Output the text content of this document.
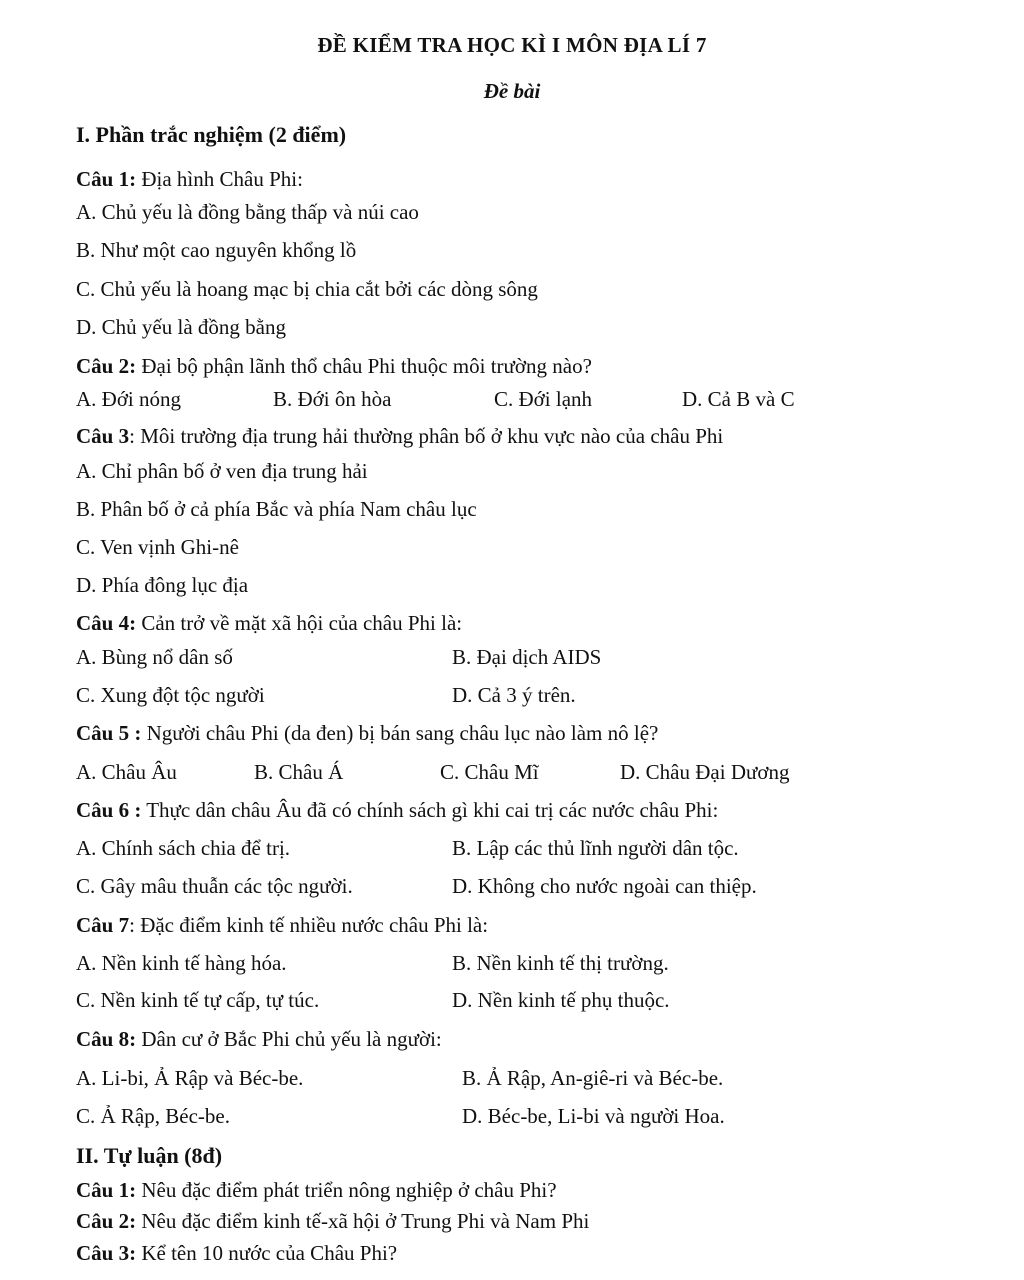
ĐỀ KIỂM TRA HỌC KÌ I MÔN ĐỊA LÍ 7
Đề bài
I. Phần trắc nghiệm (2 điểm)
Câu 1: Địa hình Châu Phi:
A. Chủ yếu là đồng bằng thấp và núi cao
B. Như một cao nguyên khổng lồ
C. Chủ yếu là hoang mạc bị chia cắt bởi các dòng sông
D. Chủ yếu là đồng bằng
Câu 2: Đại bộ phận lãnh thổ châu Phi thuộc môi trường nào?
A. Đới nóng	B. Đới ôn hòa	C. Đới lạnh	D. Cả B và C
Câu 3: Môi trường địa trung hải thường phân bố ở khu vực nào của châu Phi
A. Chỉ phân bố ở ven địa trung hải
B. Phân bố ở cả phía Bắc và phía Nam châu lục
C. Ven vịnh Ghi-nê
D. Phía đông lục địa
Câu 4: Cản trở về mặt xã hội của châu Phi là:
A. Bùng nổ dân số	B. Đại dịch AIDS
C. Xung đột tộc người	D. Cả 3 ý trên.
Câu 5 : Người châu Phi (da đen) bị bán sang châu lục nào làm nô lệ?
A. Châu Âu	B. Châu Á	C. Châu Mĩ	D. Châu Đại Dương
Câu 6 : Thực dân châu Âu đã có chính sách gì khi cai trị các nước châu Phi:
A. Chính sách chia để trị.	B. Lập các thủ lĩnh người dân tộc.
C. Gây mâu thuẫn các tộc người.	D. Không cho nước ngoài can thiệp.
Câu 7: Đặc điểm kinh tế nhiều nước châu Phi là:
A. Nền kinh tế hàng hóa.	B. Nền kinh tế thị trường.
C. Nền kinh tế tự cấp, tự túc.	D. Nền kinh tế phụ thuộc.
Câu 8: Dân cư ở Bắc Phi chủ yếu là người:
A. Li-bi, Ả Rập và Béc-be.	B. Ả Rập, An-giê-ri và Béc-be.
C. Ả Rập, Béc-be.	D. Béc-be, Li-bi và người Hoa.
II. Tự luận (8đ)
Câu 1: Nêu đặc điểm phát triển nông nghiệp ở châu Phi?
Câu 2: Nêu đặc điểm kinh tế-xã hội ở Trung Phi và Nam Phi
Câu 3: Kể tên 10 nước của Châu Phi?
